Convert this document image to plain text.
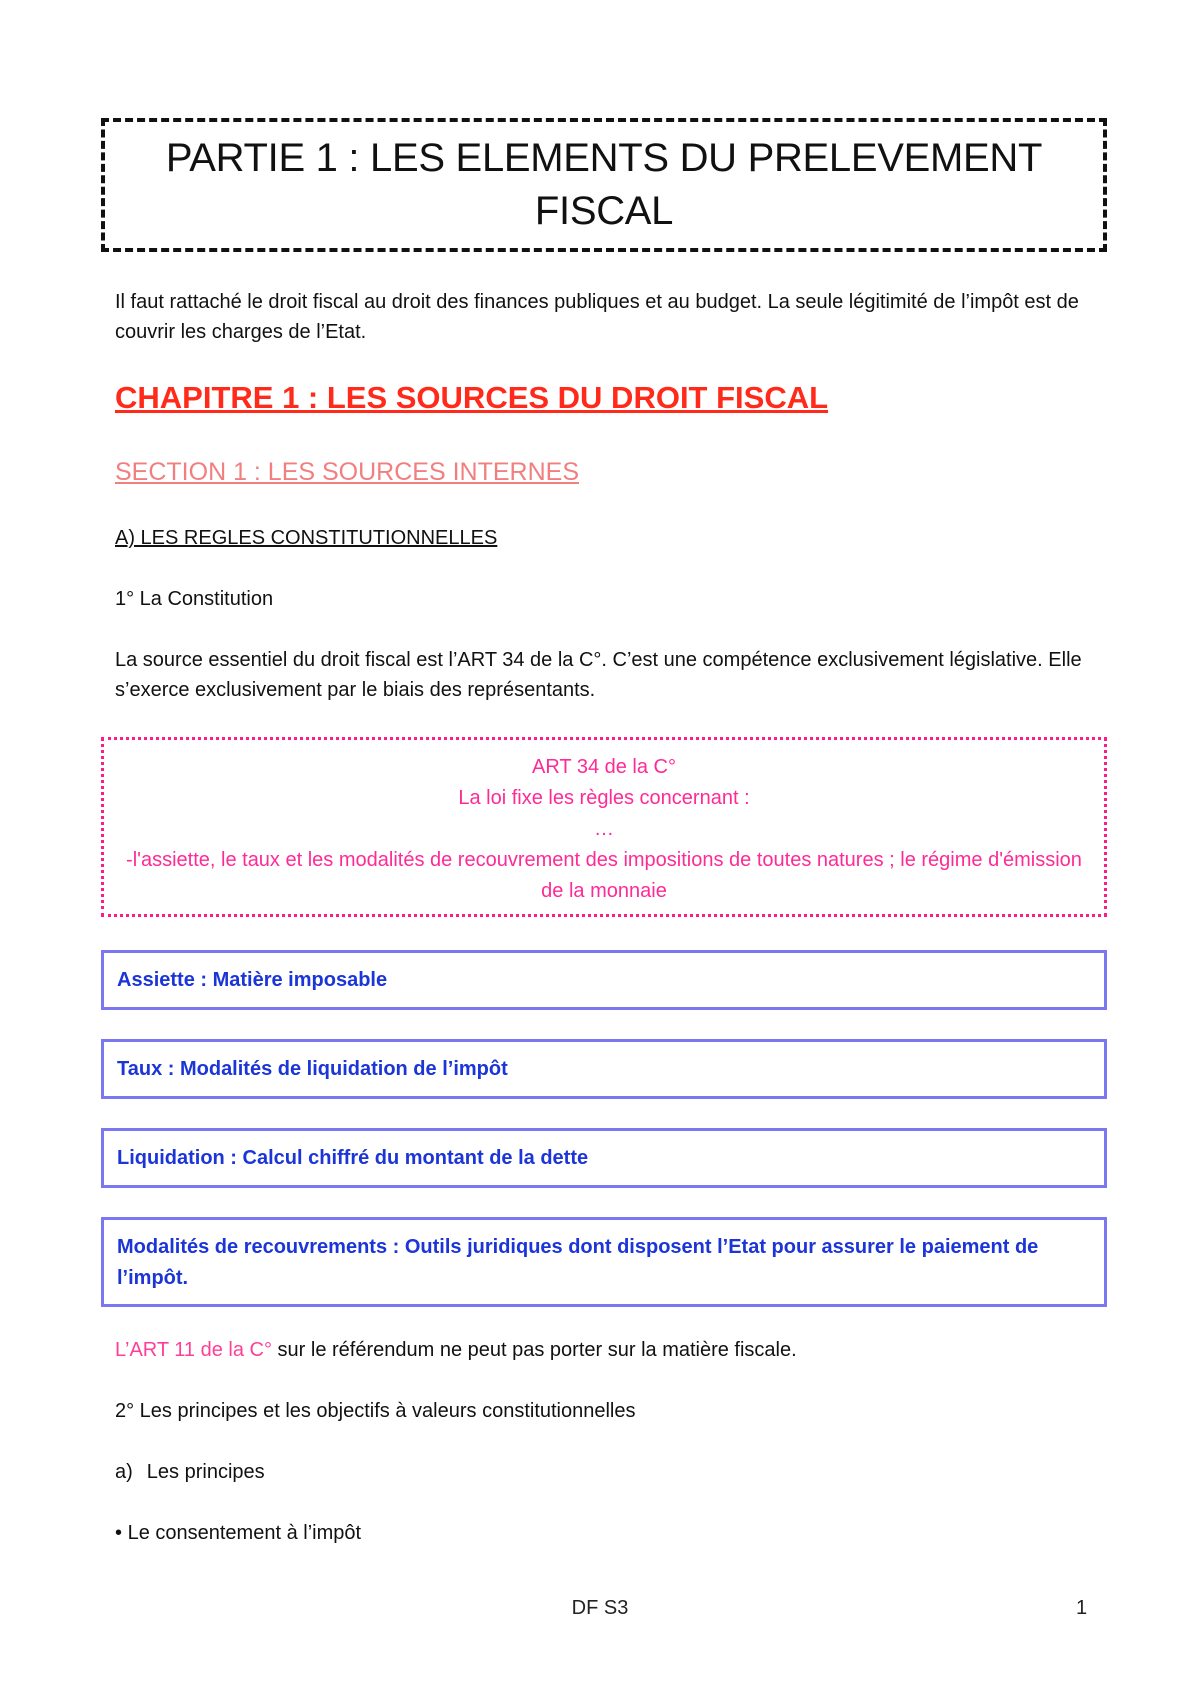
PARTIE 1 : LES ELEMENTS DU PRELEVEMENT FISCAL
Il faut rattaché le droit fiscal au droit des finances publiques et au budget. La seule légitimité de l’impôt est de couvrir les charges de l’Etat.
CHAPITRE 1 : LES SOURCES DU DROIT FISCAL
SECTION 1 : LES SOURCES INTERNES
A) LES REGLES CONSTITUTIONNELLES
1° La Constitution
La source essentiel du droit fiscal est l’ART 34 de la C°. C’est une compétence exclusivement législative. Elle s’exerce exclusivement par le biais des représentants.
ART 34 de la C°
La loi fixe les règles concernant :
…
-l'assiette, le taux et les modalités de recouvrement des impositions de toutes natures ; le régime d'émission de la monnaie
Assiette : Matière imposable
Taux : Modalités de liquidation de l’impôt
Liquidation : Calcul chiffré du montant de la dette
Modalités de recouvrements : Outils juridiques dont disposent l’Etat pour assurer le paiement de l’impôt.
L’ART 11 de la C° sur le référendum ne peut pas porter sur la matière fiscale.
2° Les principes et les objectifs à valeurs constitutionnelles
a) Les principes
• Le consentement à l’impôt
DF S3	1
